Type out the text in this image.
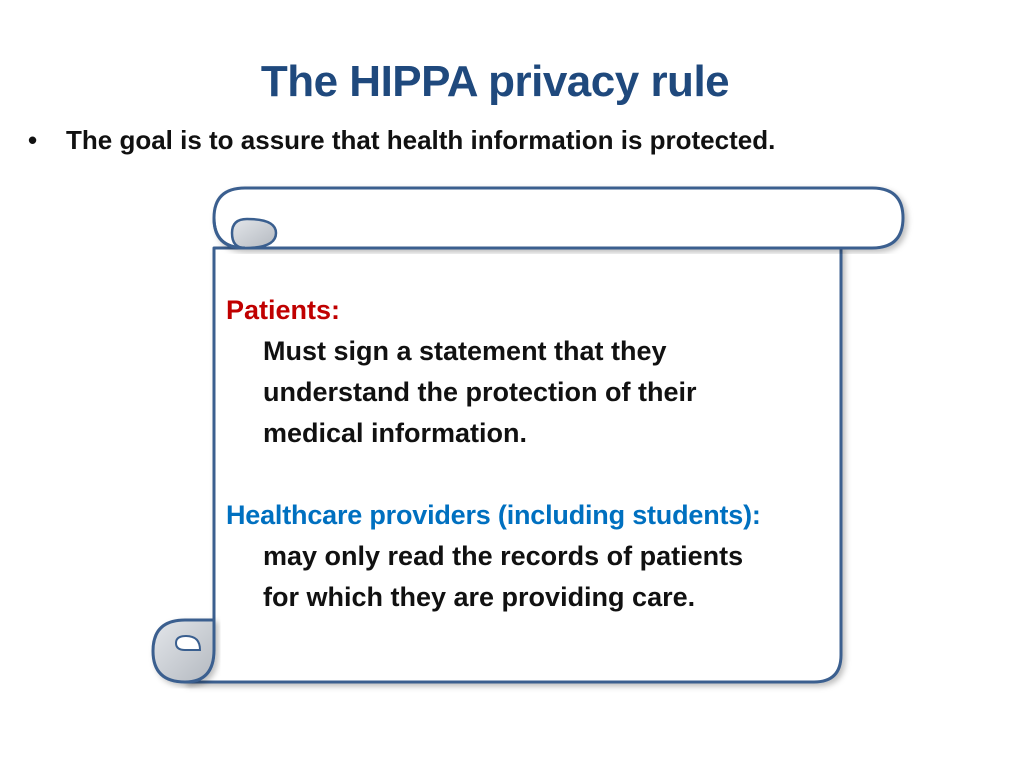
The HIPPA privacy rule
•	The goal is to assure that health information is protected.
Patients:
Must sign a statement that they
understand the protection of their
medical information.
Healthcare providers (including students):
may only read the records of patients
for which they are providing care.
